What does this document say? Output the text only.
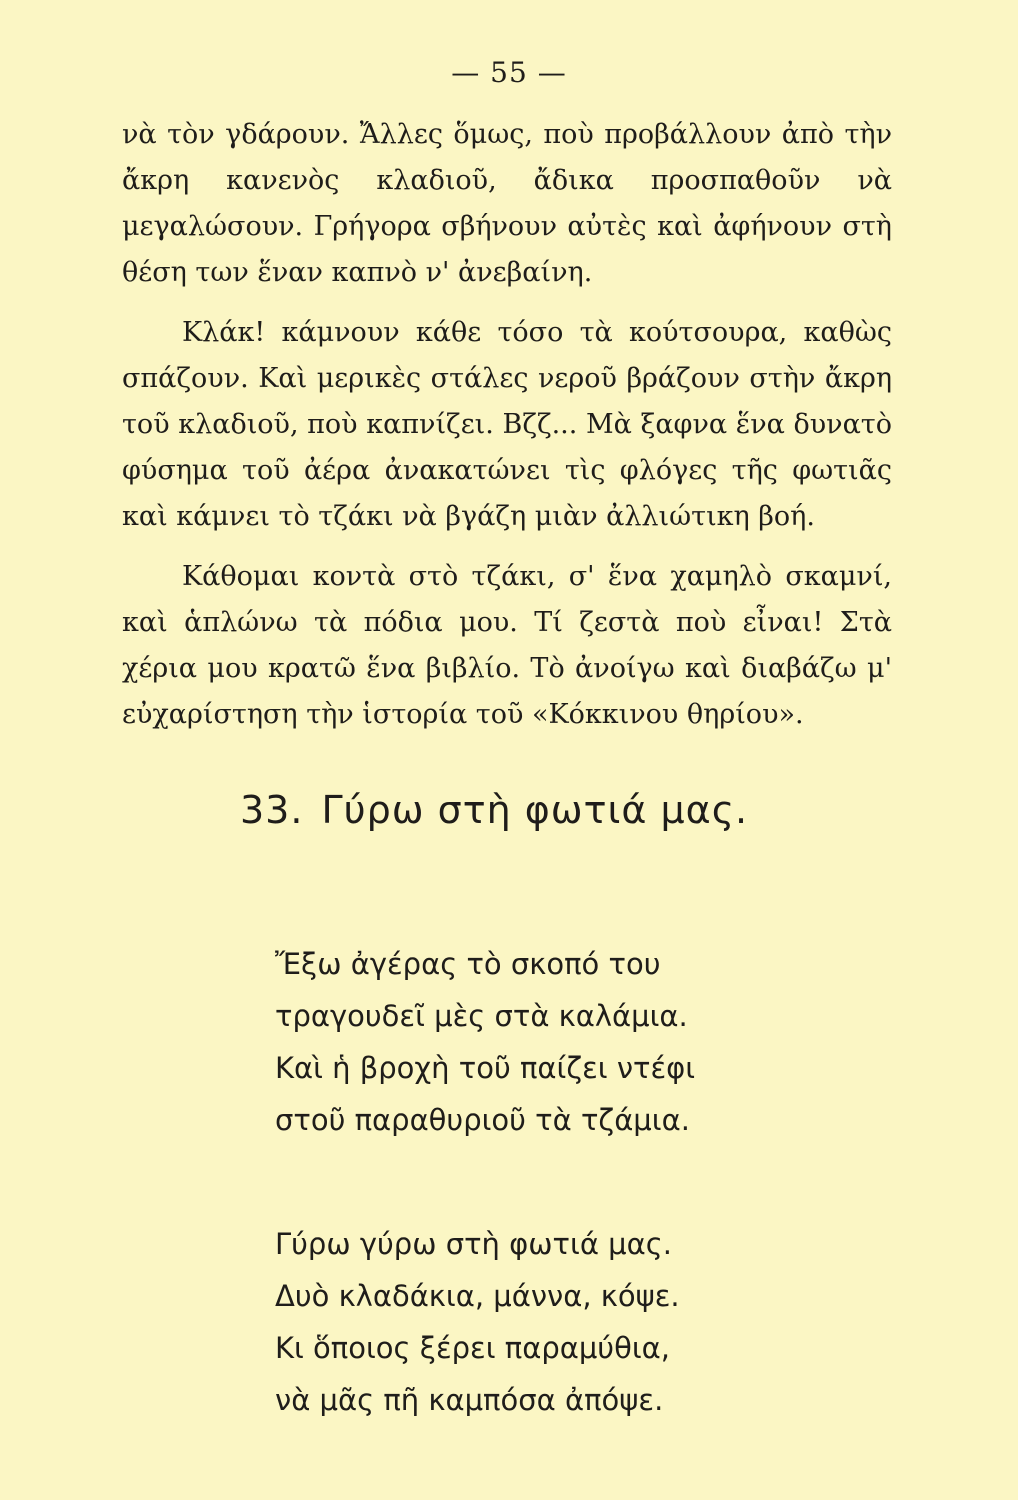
— 55 —

νὰ τὸν γδάρουν. Ἄλλες ὅμως, ποὺ προβάλλουν ἀπὸ τὴν ἄκρη κανενὸς κλαδιοῦ, ἄδικα προσπαθοῦν νὰ μεγαλώσουν. Γρήγορα σβήνουν αὐτὲς καὶ ἀφήνουν στὴ θέση των ἕναν καπνὸ ν' ἀνεβαίνη.

Κλάκ! κάμνουν κάθε τόσο τὰ κούτσουρα, καθὼς σπάζουν. Καὶ μερικὲς στάλες νεροῦ βράζουν στὴν ἄκρη τοῦ κλαδιοῦ, ποὺ καπνίζει. Βζζ... Μὰ ξαφνα ἕνα δυνατὸ φύσημα τοῦ ἀέρα ἀνακατώνει τὶς φλόγες τῆς φωτιᾶς καὶ κάμνει τὸ τζάκι νὰ βγάζη μιὰν ἀλλιώτικη βοή.

Κάθομαι κοντὰ στὸ τζάκι, σ' ἕνα χαμηλὸ σκαμνί, καὶ ἁπλώνω τὰ πόδια μου. Τί ζεστὰ ποὺ εἶναι! Στὰ χέρια μου κρατῶ ἕνα βιβλίο. Τὸ ἀνοίγω καὶ διαβάζω μ' εὐχαρίστηση τὴν ἱστορία τοῦ «Κόκκινου θηρίου».

33. Γύρω στὴ φωτιά μας.
Ἔξω ἀγέρας τὸ σκοπό του
τραγουδεῖ μὲς στὰ καλάμια.
Καὶ ἡ βροχὴ τοῦ παίζει ντέφι
στοῦ παραθυριοῦ τὰ τζάμια.
Γύρω γύρω στὴ φωτιά μας.
Δυὸ κλαδάκια, μάννα, κόψε.
Κι ὅποιος ξέρει παραμύθια,
νὰ μᾶς πῆ καμπόσα ἀπόψε.
